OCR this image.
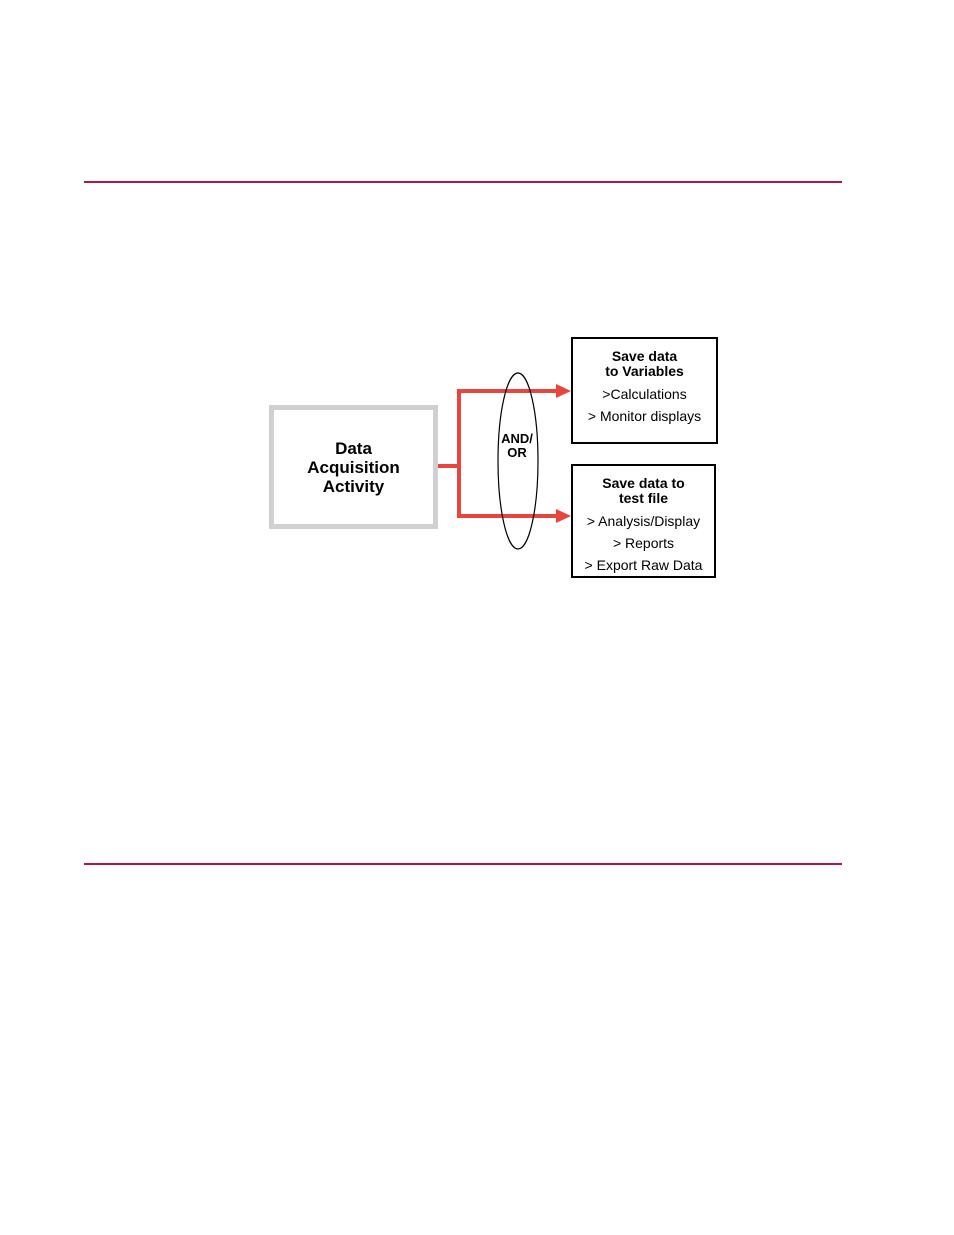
Data
Acquisition
Activity
AND/
OR
Save data
to Variables
>Calculations
> Monitor displays
Save data to
test file
> Analysis/Display
> Reports
> Export Raw Data
